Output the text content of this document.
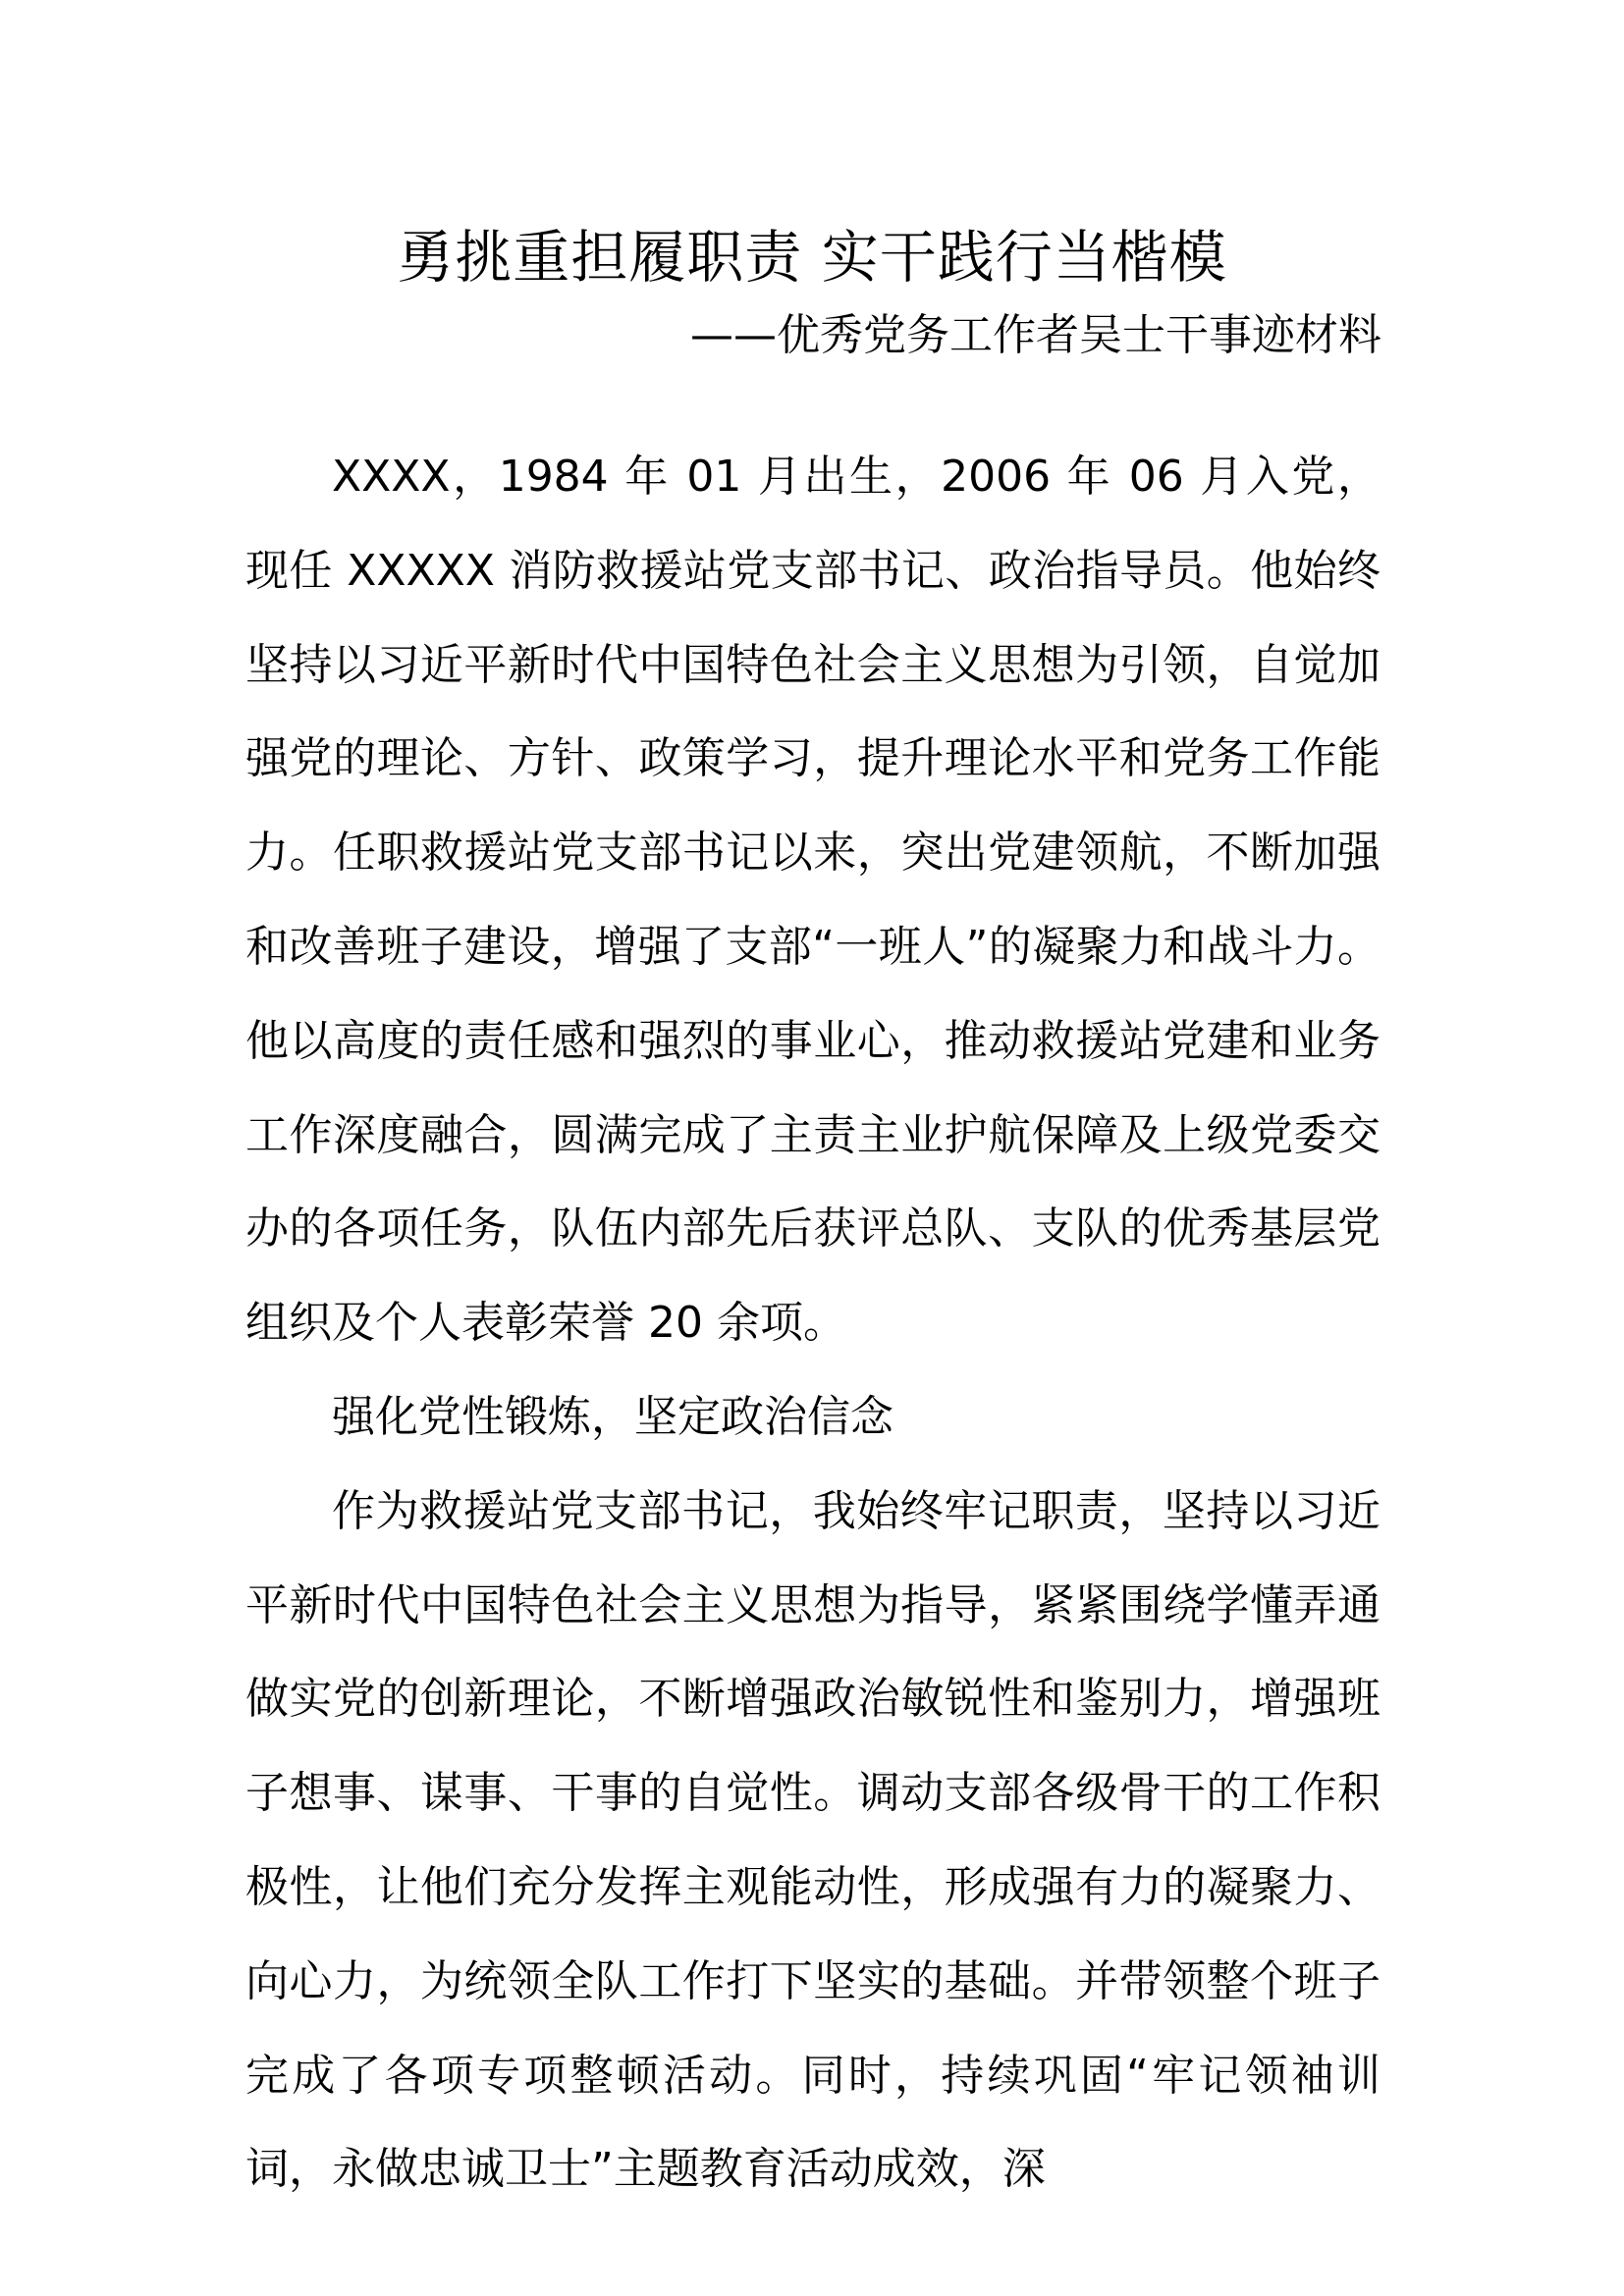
勇挑重担履职责 实干践行当楷模
——优秀党务工作者吴士干事迹材料

XXXX，1984 年 01 月出生，2006 年 06 月入党，现任 XXXXX 消防救援站党支部书记、政治指导员。他始终坚持以习近平新时代中国特色社会主义思想为引领，自觉加强党的理论、方针、政策学习，提升理论水平和党务工作能力。任职救援站党支部书记以来，突出党建领航，不断加强和改善班子建设，增强了支部“一班人”的凝聚力和战斗力。他以高度的责任感和强烈的事业心，推动救援站党建和业务工作深度融合，圆满完成了主责主业护航保障及上级党委交办的各项任务，队伍内部先后获评总队、支队的优秀基层党组织及个人表彰荣誉 20 余项。

强化党性锻炼，坚定政治信念

作为救援站党支部书记，我始终牢记职责，坚持以习近平新时代中国特色社会主义思想为指导，紧紧围绕学懂弄通做实党的创新理论，不断增强政治敏锐性和鉴别力，增强班子想事、谋事、干事的自觉性。调动支部各级骨干的工作积极性，让他们充分发挥主观能动性，形成强有力的凝聚力、向心力，为统领全队工作打下坚实的基础。并带领整个班子完成了各项专项整顿活动。同时，持续巩固“牢记领袖训词，永做忠诚卫士”主题教育活动成效，深
